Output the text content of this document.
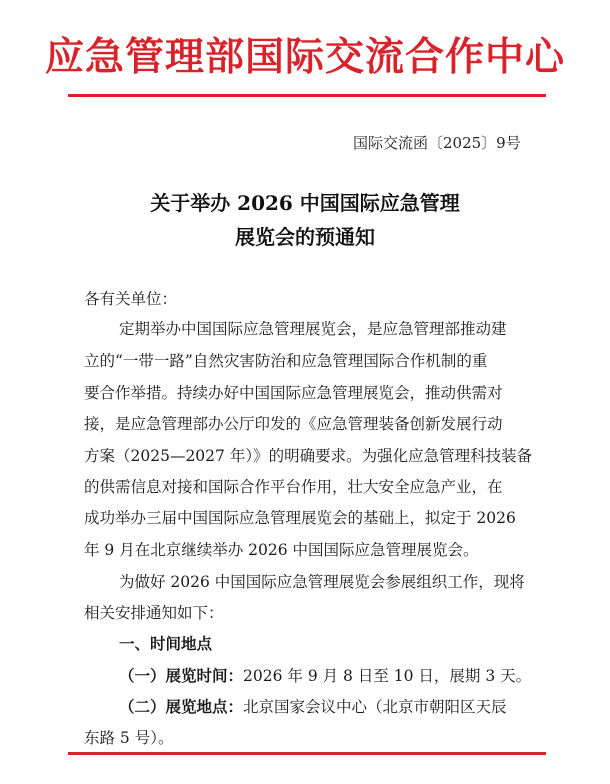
应急管理部国际交流合作中心
国际交流函〔2025〕9号
关于举办 2026 中国国际应急管理
展览会的预通知
各有关单位：
定期举办中国国际应急管理展览会，是应急管理部推动建
立的“一带一路”自然灾害防治和应急管理国际合作机制的重
要合作举措。持续办好中国国际应急管理展览会，推动供需对
接，是应急管理部办公厅印发的《应急管理装备创新发展行动
方案（2025—2027 年）》的明确要求。为强化应急管理科技装备
的供需信息对接和国际合作平台作用，壮大安全应急产业，在
成功举办三届中国国际应急管理展览会的基础上，拟定于 2026
年 9 月在北京继续举办 2026 中国国际应急管理展览会。
为做好 2026 中国国际应急管理展览会参展组织工作，现将
相关安排通知如下：
一、时间地点
（一）展览时间：2026 年 9 月 8 日至 10 日，展期 3 天。
（二）展览地点：北京国家会议中心（北京市朝阳区天辰
东路 5 号）。
